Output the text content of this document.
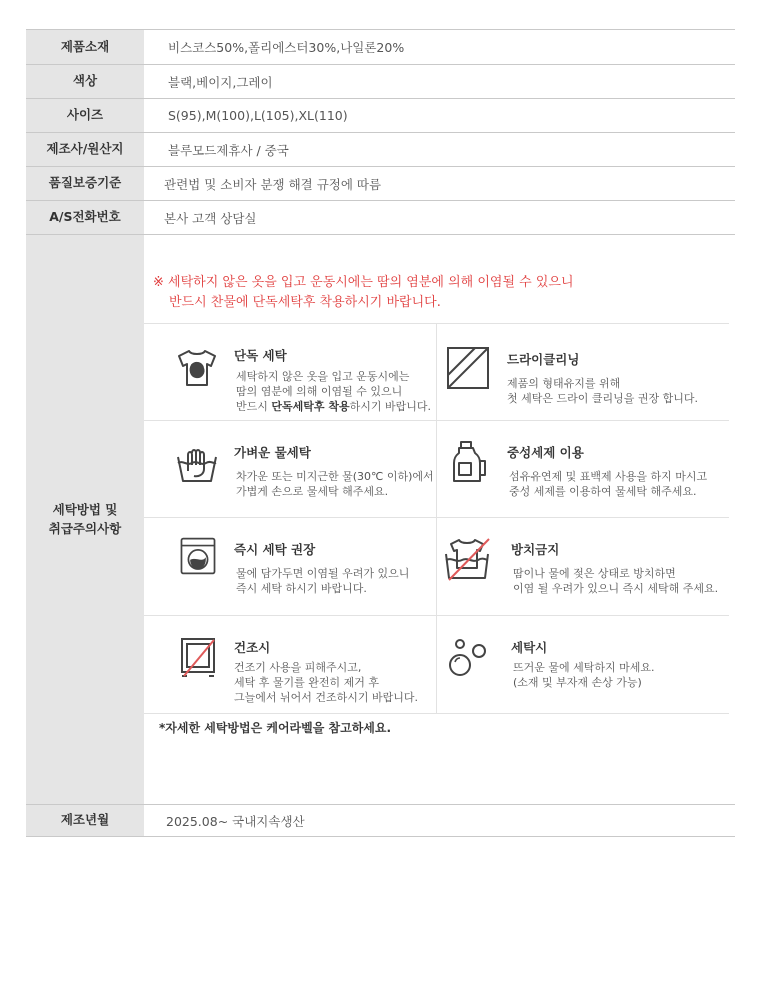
제품소재	비스코스50%,폴리에스터30%,나일론20%
색상	블랙,베이지,그레이
사이즈	S(95),M(100),L(105),XL(110)
제조사/원산지	블루모드제휴사 / 중국
품질보증기준	관련법 및 소비자 분쟁 해결 규정에 따름
A/S전화번호	본사 고객 상담실
세탁방법 및
취급주의사항
※ 세탁하지 않은 옷을 입고 운동시에는 땀의 염분에 의해 이염될 수 있으니
반드시 찬물에 단독세탁후 착용하시기 바랍니다.
단독 세탁
세탁하지 않은 옷을 입고 운동시에는
땀의 염분에 의해 이염될 수 있으니
반드시 단독세탁후 착용하시기 바랍니다.
드라이클리닝
제품의 형태유지를 위해
첫 세탁은 드라이 클리닝을 권장 합니다.
가벼운 물세탁
차가운 또는 미지근한 물(30℃ 이하)에서
가볍게 손으로 물세탁 해주세요.
중성세제 이용
섬유유연제 및 표백제 사용을 하지 마시고
중성 세제를 이용하여 물세탁 해주세요.
즉시 세탁 권장
물에 담가두면 이염될 우려가 있으니
즉시 세탁 하시기 바랍니다.
방치금지
땀이나 물에 젖은 상태로 방치하면
이염 될 우려가 있으니 즉시 세탁해 주세요.
건조시
건조기 사용을 피해주시고,
세탁 후 물기를 완전히 제거 후
그늘에서 뉘어서 건조하시기 바랍니다.
세탁시
뜨거운 물에 세탁하지 마세요.
(소재 및 부자재 손상 가능)
*자세한 세탁방법은 케어라벨을 참고하세요.
제조년월	2025.08~ 국내지속생산
